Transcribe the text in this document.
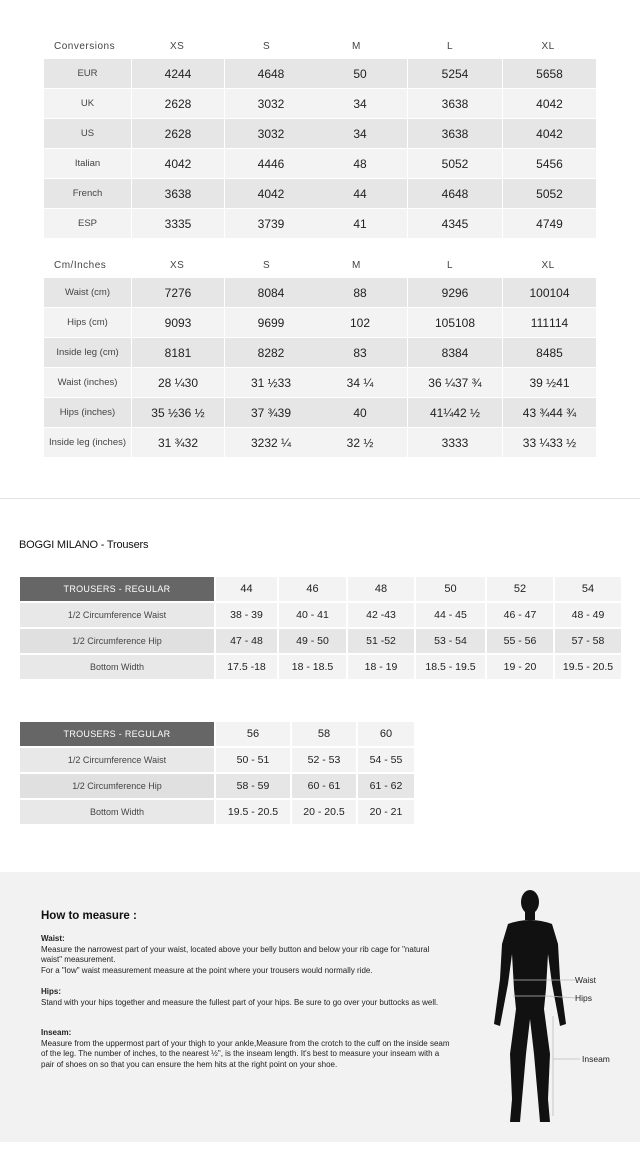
Conversions	XS	S	M	L	XL
EUR	42 44	46 48	50	52 54	56 58
UK	26 28	30 32	34	36 38	40 42
US	26 28	30 32	34	36 38	40 42
Italian	40 42	44 46	48	50 52	54 56
French	36 38	40 42	44	46 48	50 52
ESP	33 35	37 39	41	43 45	47 49
Cm/Inches	XS	S	M	L	XL
Waist (cm)	72 76	80 84	88	92 96	100 104
Hips (cm)	90 93	96 99	102	105 108	111 114
Inside leg (cm)	81 81	82 82	83	83 84	84 85
Waist (inches)	28 ¼ 30	31 ½ 33	34 ¼	36 ¼ 37 ¾	39 ½ 41
Hips (inches)	35 ½ 36 ½	37 ¾ 39	40	41¼ 42 ½	43 ¾ 44 ¾
Inside leg (inches)	31 ¾ 32	32 32 ¼	32 ½	33 33	33 ¼ 33 ½
BOGGI MILANO - Trousers
TROUSERS - REGULAR	44	46	48	50	52	54
1/2 Circumference Waist	38 - 39	40 - 41	42 -43	44 - 45	46 - 47	48 - 49
1/2 Circumference Hip	47 - 48	49 - 50	51 -52	53 - 54	55 - 56	57 - 58
Bottom Width	17.5 -18	18 - 18.5	18 - 19	18.5 - 19.5	19 - 20	19.5 - 20.5
TROUSERS - REGULAR	56	58	60
1/2 Circumference Waist	50 - 51	52 - 53	54 - 55
1/2 Circumference Hip	58 - 59	60 - 61	61 - 62
Bottom Width	19.5 - 20.5	20 - 20.5	20 - 21
How to measure :
Waist:

Measure the narrowest part of your waist, located above your belly button and below your rib cage for "natural waist" measurement.

For a "low" waist measurement measure at the point where your trousers would normally ride.

Hips:

Stand with your hips together and measure the fullest part of your hips. Be sure to go over your buttocks as well.

Inseam:

Measure from the uppermost part of your thigh to your ankle,Measure from the crotch to the cuff on the inside seam of the leg. The number of inches, to the nearest ½", is the inseam length. It's best to measure your inseam with a pair of shoes on so that you can ensure the hem hits at the right point on your shoe.

Waist
Hips
Inseam
